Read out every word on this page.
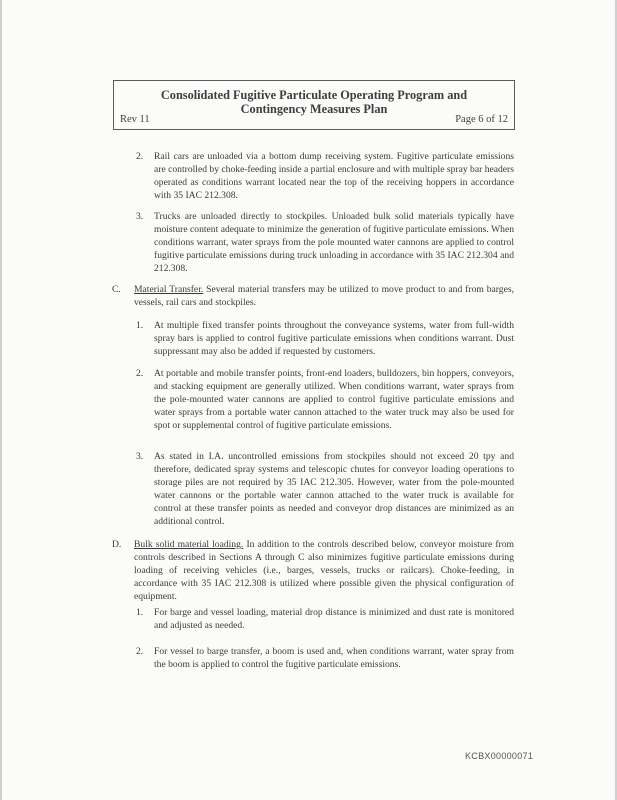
Consolidated Fugitive Particulate Operating Program and
Contingency Measures Plan
Rev 11	Page 6 of 12
2. Rail cars are unloaded via a bottom dump receiving system. Fugitive particulate emissions are controlled by choke-feeding inside a partial enclosure and with multiple spray bar headers operated as conditions warrant located near the top of the receiving hoppers in accordance with 35 IAC 212.308.
3. Trucks are unloaded directly to stockpiles. Unloaded bulk solid materials typically have moisture content adequate to minimize the generation of fugitive particulate emissions. When conditions warrant, water sprays from the pole mounted water cannons are applied to control fugitive particulate emissions during truck unloading in accordance with 35 IAC 212.304 and 212.308.
C. Material Transfer. Several material transfers may be utilized to move product to and from barges, vessels, rail cars and stockpiles.
1. At multiple fixed transfer points throughout the conveyance systems, water from full-width spray bars is applied to control fugitive particulate emissions when conditions warrant. Dust suppressant may also be added if requested by customers.
2. At portable and mobile transfer points, front-end loaders, bulldozers, bin hoppers, conveyors, and stacking equipment are generally utilized. When conditions warrant, water sprays from the pole-mounted water cannons are applied to control fugitive particulate emissions and water sprays from a portable water cannon attached to the water truck may also be used for spot or supplemental control of fugitive particulate emissions.
3. As stated in I.A. uncontrolled emissions from stockpiles should not exceed 20 tpy and therefore, dedicated spray systems and telescopic chutes for conveyor loading operations to storage piles are not required by 35 IAC 212.305. However, water from the pole-mounted water cannons or the portable water cannon attached to the water truck is available for control at these transfer points as needed and conveyor drop distances are minimized as an additional control.
D. Bulk solid material loading. In addition to the controls described below, conveyor moisture from controls described in Sections A through C also minimizes fugitive particulate emissions during loading of receiving vehicles (i.e., barges, vessels, trucks or railcars). Choke-feeding, in accordance with 35 IAC 212.308 is utilized where possible given the physical configuration of equipment.
1. For barge and vessel loading, material drop distance is minimized and dust rate is monitored and adjusted as needed.
2. For vessel to barge transfer, a boom is used and, when conditions warrant, water spray from the boom is applied to control the fugitive particulate emissions.
KCBX00000071
